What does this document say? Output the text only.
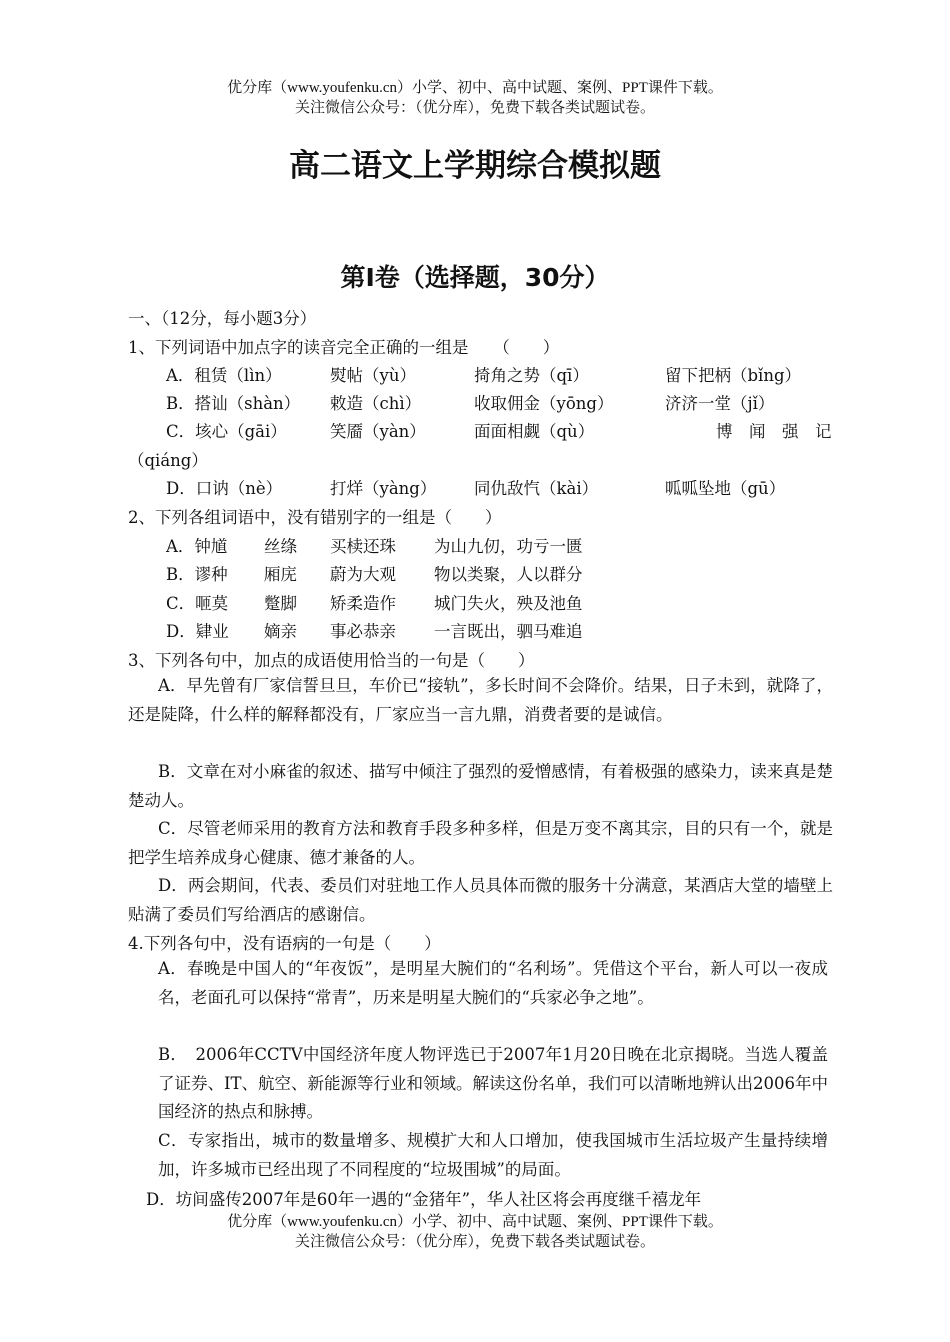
优分库（www.youfenku.cn）小学、初中、高中试题、案例、PPT课件下载。
关注微信公众号：（优分库），免费下载各类试题试卷。
高二语文上学期综合模拟题
第Ⅰ卷（选择题，30分）
一、（12分，每小题3分）
1、下列词语中加点字的读音完全正确的一组是　　（　　）
A．租赁（lìn）	熨帖（yù）	掎角之势（qī）	留下把柄（bǐng）
B．搭讪（shàn） 敕造（chì）	收取佣金（yōng）	济济一堂（jǐ）
C．垓心（gāi）	笑靥（yàn）	面面相觑（qù）	博　闻　强　记
（qiáng）
D．口讷（nè）	打烊（yàng） 同仇敌忾（kài）	呱呱坠地（gū）
2、下列各组词语中，没有错别字的一组是（　　）
A．钟馗 丝绦 买椟还珠 为山九仞，功亏一匮
B．谬种 厢庑 蔚为大观 物以类聚，人以群分
C．咂莫 蹩脚 矫柔造作 城门失火，殃及池鱼
D．肄业 嫡亲 事必恭亲 一言既出，驷马难追
3、下列各句中，加点的成语使用恰当的一句是（　　）
A．早先曾有厂家信誓旦旦，车价已“接轨”，多长时间不会降价。结果，日子未到，就降了，还是陡降，什么样的解释都没有，厂家应当一言九鼎，消费者要的是诚信。
B．文章在对小麻雀的叙述、描写中倾注了强烈的爱憎感情，有着极强的感染力，读来真是楚楚动人。
C．尽管老师采用的教育方法和教育手段多种多样，但是万变不离其宗，目的只有一个，就是把学生培养成身心健康、德才兼备的人。
D．两会期间，代表、委员们对驻地工作人员具体而微的服务十分满意，某酒店大堂的墙壁上贴满了委员们写给酒店的感谢信。
4.下列各句中，没有语病的一句是（　　）
A．春晚是中国人的“年夜饭”，是明星大腕们的“名利场”。凭借这个平台，新人可以一夜成名，老面孔可以保持“常青”，历来是明星大腕们的“兵家必争之地”。
B．　2006年CCTV中国经济年度人物评选已于2007年1月20日晚在北京揭晓。当选人覆盖了证券、IT、航空、新能源等行业和领域。解读这份名单，我们可以清晰地辨认出2006年中国经济的热点和脉搏。
C．专家指出，城市的数量增多、规模扩大和人口增加，使我国城市生活垃圾产生量持续增加，许多城市已经出现了不同程度的“垃圾围城”的局面。
D．坊间盛传2007年是60年一遇的“金猪年”，华人社区将会再度继千禧龙年
优分库（www.youfenku.cn）小学、初中、高中试题、案例、PPT课件下载。
关注微信公众号：（优分库），免费下载各类试题试卷。
